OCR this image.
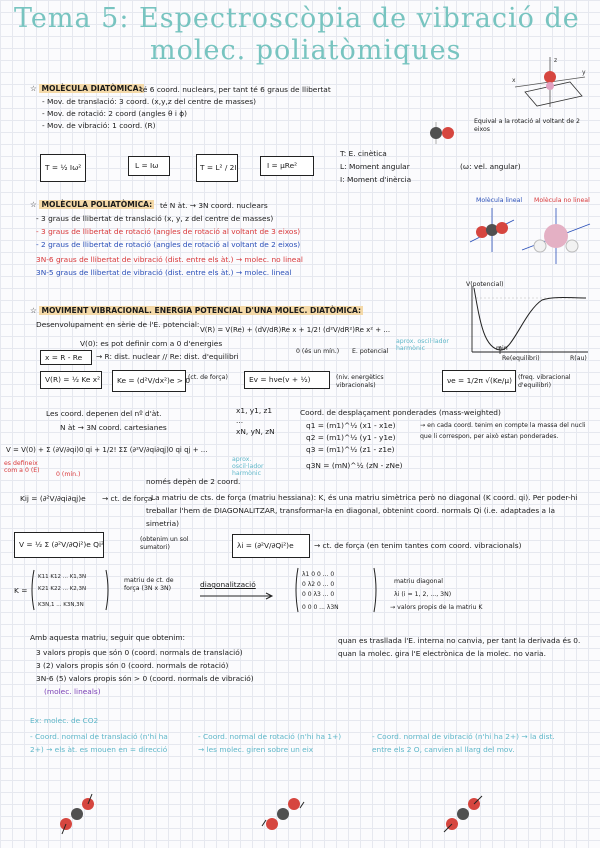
Tema 5: Espectroscòpia de vibració de
molec. poliatòmiques	z
y
x
☆ MOLÈCULA DIATÒMICA:
té 6 coord. nuclears, per tant té 6 graus de llibertat
- Mov. de translació: 3 coord. (x,y,z del centre de masses)
- Mov. de rotació: 2 coord (angles θ i ϕ)
- Mov. de vibració: 1 coord. (R)	Equival a la rotació al voltant de 2 eixos
T = ½ Iω²	L = Iω	T = L² / 2I	I = μRe²
T: E. cinètica
L: Moment angular	(ω: vel. angular)
I: Moment d'inèrcia
☆ MOLÈCULA POLIATÒMICA: té N àt. → 3N coord. nuclears
- 3 graus de llibertat de translació (x, y, z del centre de masses)
- 3 graus de llibertat de rotació (angles de rotació al voltant de 3 eixos)
- 2 graus de llibertat de rotació (angles de rotació al voltant de 2 eixos)
3N-6 graus de llibertat de vibració (dist. entre els àt.) → molec. no lineal
3N-5 graus de llibertat de vibració (dist. entre els àt.) → molec. lineal
Molècula lineal Molècula no lineal
☆ MOVIMENT VIBRACIONAL. ENERGIA POTENCIAL D'UNA MOLEC. DIATÒMICA:
Desenvolupament en sèrie de l'E. potencial:
V(R) = V(Re) + (dV/dR)Re x + 1/2! (d²V/dR²)Re x² + ...
V(0): es pot definir com a 0 d'energies
0 (és un mín.) E. potencial
aprox. oscil·lador harmònic
x = R - Re → R: dist. nuclear // Re: dist. d'equilibri
V(potencial)
R(au)
min
Re(equilibri)
V(R) = ½ Ke x² Ke = (d²V/dx²)e > 0
(ct. de força)	Ev = hνe(v + ½)	(niv. energètics vibracionals)
νe = 1/2π √(Ke/μ) (freq. vibracional d'equilibri)
Les coord. depenen del nº d'àt.
N àt → 3N coord. cartesianes
x1, y1, z1
...
xN, yN, zN
Coord. de desplaçament ponderades (mass-weighted)
q1 = (m1)^½ (x1 - x1e)
q2 = (m1)^½ (y1 - y1e)
q3 = (m1)^½ (z1 - z1e)
q3N = (mN)^½ (zN - zNe)
→ en cada coord. tenim en compte la massa del nucli que li correspon, per això estan ponderades.
V = V(0) + Σ (∂V/∂qi)0 qi + 1/2! ΣΣ (∂²V/∂qi∂qj)0 qi qj + ...
es defineix com a 0 (E)
0 (mín.)
aprox. oscil·lador harmònic
només depèn de 2 coord.
Kij = (∂²V/∂qi∂qj)e → ct. de força
- La matriu de cts. de força (matriu hessiana): K, és una matriu simètrica però no diagonal (K coord. qi). Per poder-hi treballar l'hem de DIAGONALITZAR, transformar-la en diagonal, obtenint coord. normals Qi (i.e. adaptades a la simetria)
V = ½ Σ (∂²V/∂Qi²)e Qi²
(obtenim un sol sumatori)	λi = (∂²V/∂Qi²)e	→ ct. de força (en tenim tantes com coord. vibracionals)
K11 K12 ... K1,3N
K21 K22 ... K2,3N
K3N,1 ... K3N,3N
K =
matriu de ct. de força (3N x 3N)	diagonalització
λ1 0 0 ... 0
0 λ2 0 ... 0
0 0 λ3 ... 0
0 0 0 ... λ3N
matriu diagonal
λi (i = 1, 2, ..., 3N)
→ valors propis de la matriu K
Amb aquesta matriu, seguir que obtenim:
3 valors propis que són 0 (coord. normals de translació)
3 (2) valors propis són 0 (coord. normals de rotació)
3N-6 (5) valors propis són > 0 (coord. normals de vibració)
(molec. lineals)
quan es trasllada l'E. interna no canvia, per tant la derivada és 0. quan la molec. gira l'E electrònica de la molec. no varia.
Ex: molec. de CO2
- Coord. normal de translació (n'hi ha 2+) → els àt. es mouen en = direcció
- Coord. normal de rotació (n'hi ha 1+) → les molec. giren sobre un eix
- Coord. normal de vibració (n'hi ha 2+) → la dist. entre els 2 O, canvien al llarg del mov.
